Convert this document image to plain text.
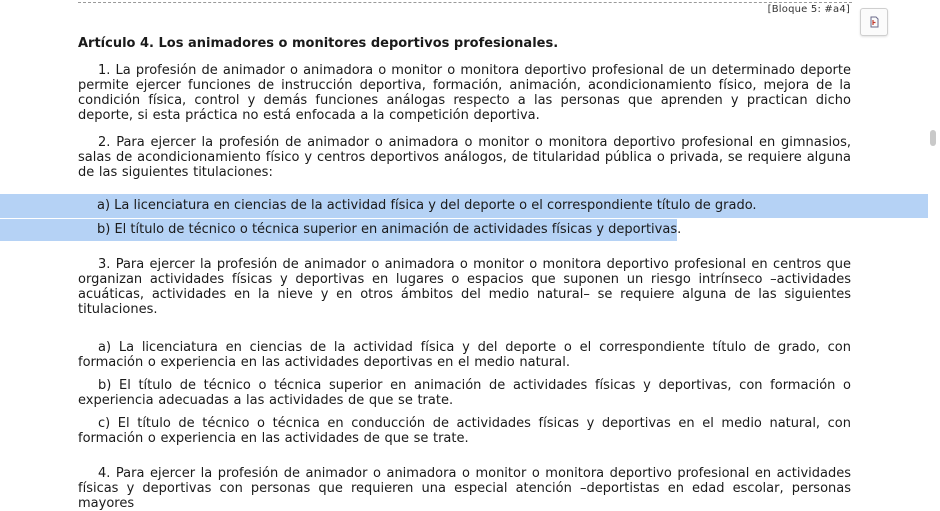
[Bloque 5: #a4]
Artículo 4. Los animadores o monitores deportivos profesionales.

1. La profesión de animador o animadora o monitor o monitora deportivo profesional de un determinado deporte permite ejercer funciones de instrucción deportiva, formación, animación, acondicionamiento físico, mejora de la condición física, control y demás funciones análogas respecto a las personas que aprenden y practican dicho deporte, si esta práctica no está enfocada a la competición deportiva.

2. Para ejercer la profesión de animador o animadora o monitor o monitora deportivo profesional en gimnasios, salas de acondicionamiento físico y centros deportivos análogos, de titularidad pública o privada, se requiere alguna de las siguientes titulaciones:

a) La licenciatura en ciencias de la actividad física y del deporte o el correspondiente título de grado.
b) El título de técnico o técnica superior en animación de actividades físicas y deportivas.

3. Para ejercer la profesión de animador o animadora o monitor o monitora deportivo profesional en centros que organizan actividades físicas y deportivas en lugares o espacios que suponen un riesgo intrínseco –actividades acuáticas, actividades en la nieve y en otros ámbitos del medio natural– se requiere alguna de las siguientes titulaciones.

a) La licenciatura en ciencias de la actividad física y del deporte o el correspondiente título de grado, con formación o experiencia en las actividades deportivas en el medio natural.

b) El título de técnico o técnica superior en animación de actividades físicas y deportivas, con formación o experiencia adecuadas a las actividades de que se trate.

c) El título de técnico o técnica en conducción de actividades físicas y deportivas en el medio natural, con formación o experiencia en las actividades de que se trate.

4. Para ejercer la profesión de animador o animadora o monitor o monitora deportivo profesional en actividades físicas y deportivas con personas que requieren una especial atención –deportistas en edad escolar, personas mayores
